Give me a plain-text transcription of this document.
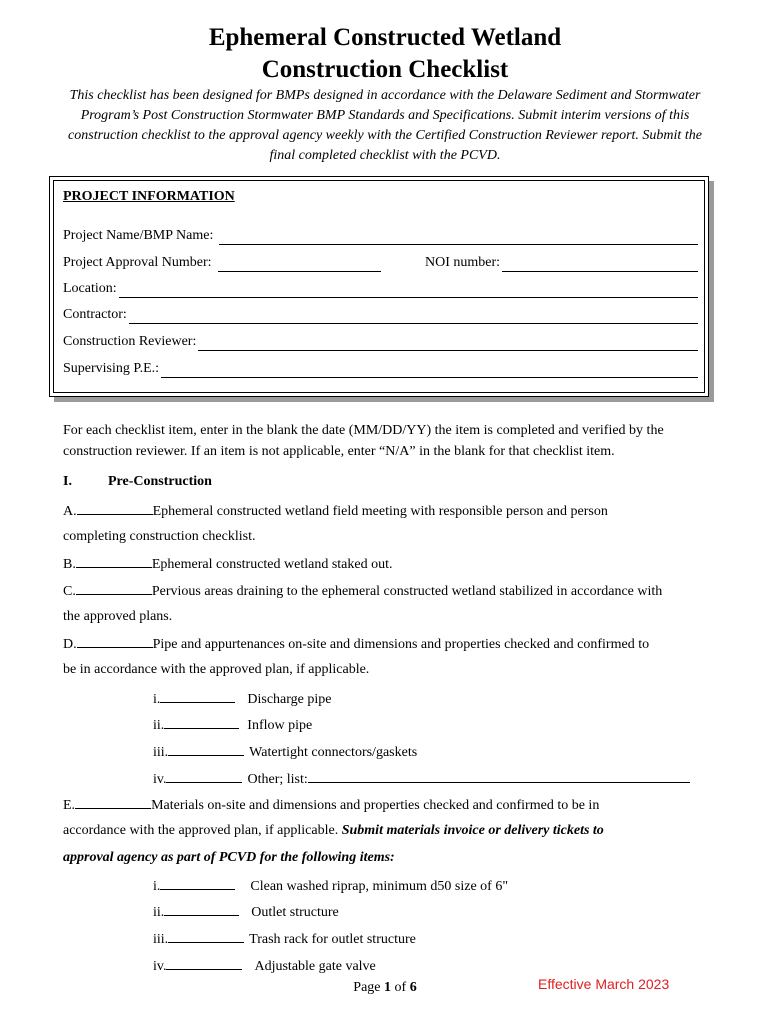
Ephemeral Constructed Wetland
Construction Checklist
This checklist has been designed for BMPs designed in accordance with the Delaware Sediment and Stormwater Program’s Post Construction Stormwater BMP Standards and Specifications. Submit interim versions of this construction checklist to the approval agency weekly with the Certified Construction Reviewer report. Submit the final completed checklist with the PCVD.
PROJECT INFORMATION
Project Name/BMP Name:
Project Approval Number:	NOI number:
Location:
Contractor:
Construction Reviewer:
Supervising P.E.:
For each checklist item, enter in the blank the date (MM/DD/YY) the item is completed and verified by the construction reviewer. If an item is not applicable, enter “N/A” in the blank for that checklist item.
I.	Pre-Construction
A.	Ephemeral constructed wetland field meeting with responsible person and person
completing construction checklist.
B.	Ephemeral constructed wetland staked out.
C.	Pervious areas draining to the ephemeral constructed wetland stabilized in accordance with
the approved plans.
D.	Pipe and appurtenances on-site and dimensions and properties checked and confirmed to
be in accordance with the approved plan, if applicable.
i.	Discharge pipe
ii.	Inflow pipe
iii.	Watertight connectors/gaskets
iv.	Other; list:
E.	Materials on-site and dimensions and properties checked and confirmed to be in
accordance with the approved plan, if applicable. Submit materials invoice or delivery tickets to
approval agency as part of PCVD for the following items:
i.	Clean washed riprap, minimum d50 size of 6"
ii.	Outlet structure
iii.	Trash rack for outlet structure
iv.	Adjustable gate valve
Page 1 of 6	Effective March 2023
